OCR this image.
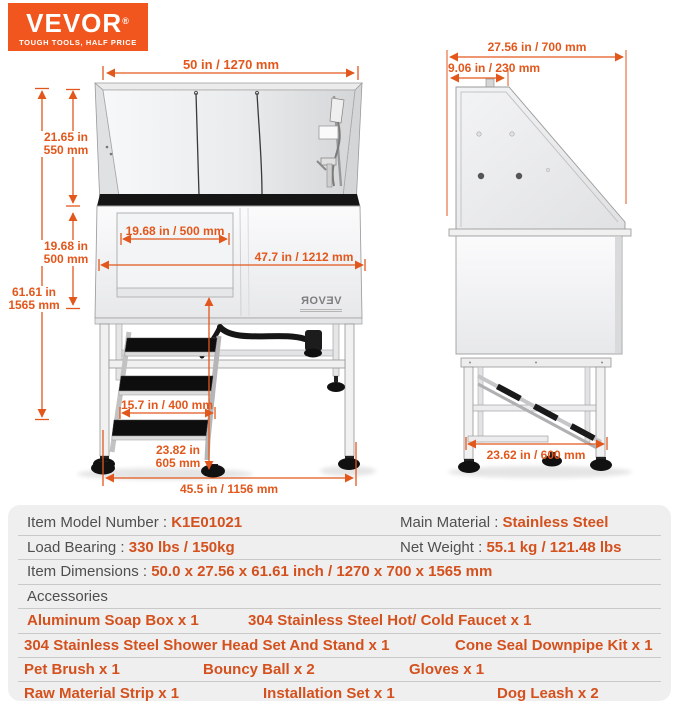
VEVOR®
TOUGH TOOLS, HALF PRICE
VEVOR
50 in / 1270 mm
21.65 in
550 mm
19.68 in
500 mm
61.61 in
1565 mm
19.68 in / 500 mm
47.7 in / 1212 mm
15.7 in / 400 mm
23.82 in
605 mm
45.5 in / 1156 mm
27.56 in / 700 mm
9.06 in / 230 mm
23.62 in / 600 mm
Item Model Number : K1E01021	Main Material : Stainless Steel
Load Bearing : 330 lbs / 150kg	Net Weight : 55.1 kg / 121.48 lbs
Item Dimensions : 50.0 x 27.56 x 61.61 inch / 1270 x 700 x 1565 mm
Accessories
Aluminum Soap Box x 1	304 Stainless Steel Hot/ Cold Faucet x 1
304 Stainless Steel Shower Head Set And Stand x 1	Cone Seal Downpipe Kit x 1
Pet Brush x 1	Bouncy Ball x 2	Gloves x 1
Raw Material Strip x 1	Installation Set x 1	Dog Leash x 2
